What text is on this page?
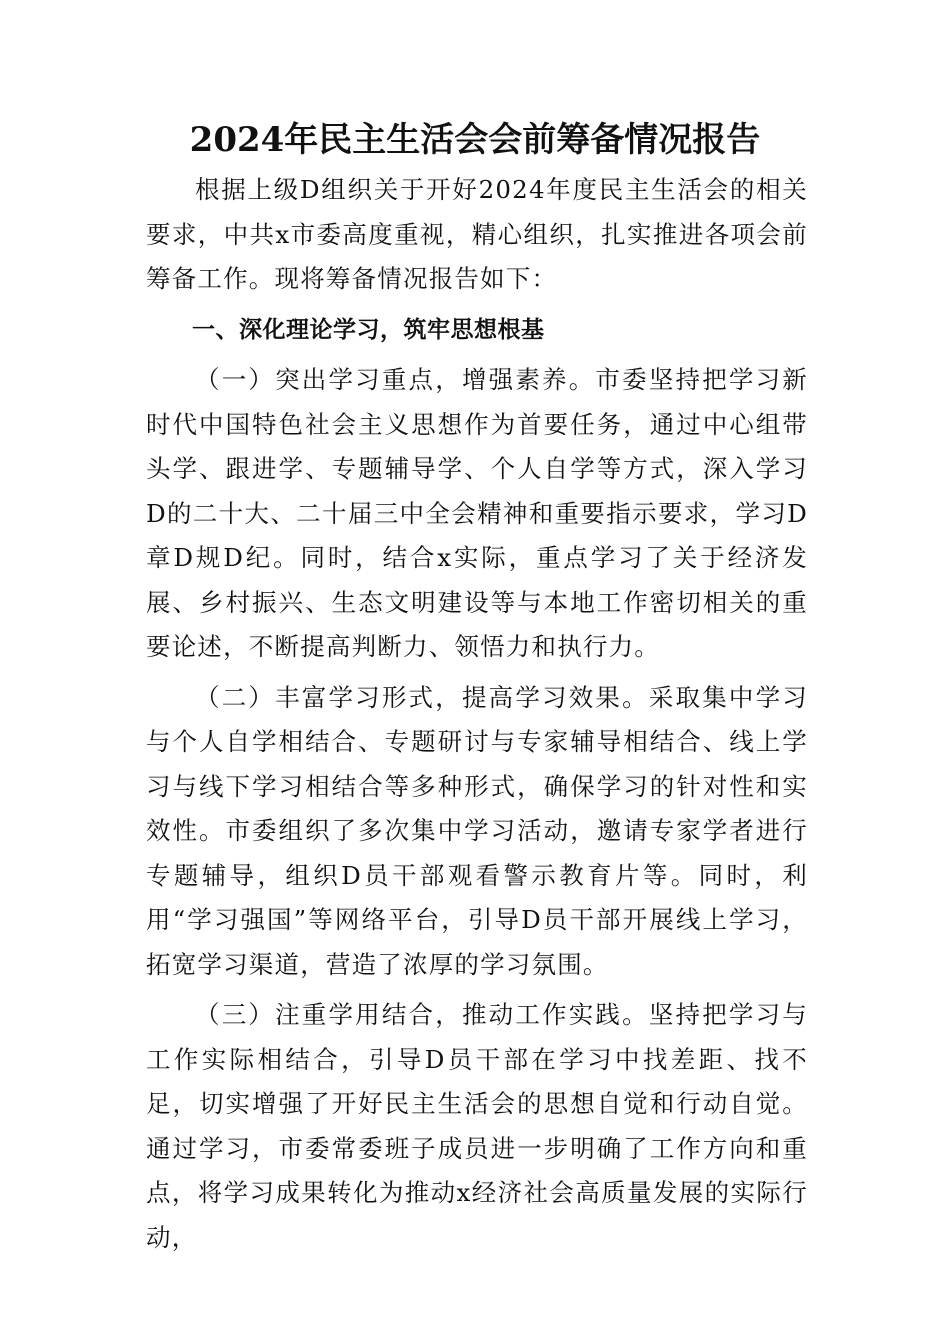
2024年民主生活会会前筹备情况报告

根据上级D组织关于开好2024年度民主生活会的相关要求，中共x市委高度重视，精心组织，扎实推进各项会前筹备工作。现将筹备情况报告如下：

一、深化理论学习，筑牢思想根基

（一）突出学习重点，增强素养。市委坚持把学习新时代中国特色社会主义思想作为首要任务，通过中心组带头学、跟进学、专题辅导学、个人自学等方式，深入学习D的二十大、二十届三中全会精神和重要指示要求，学习D章D规D纪。同时，结合x实际，重点学习了关于经济发展、乡村振兴、生态文明建设等与本地工作密切相关的重要论述，不断提高判断力、领悟力和执行力。

（二）丰富学习形式，提高学习效果。采取集中学习与个人自学相结合、专题研讨与专家辅导相结合、线上学习与线下学习相结合等多种形式，确保学习的针对性和实效性。市委组织了多次集中学习活动，邀请专家学者进行专题辅导，组织D员干部观看警示教育片等。同时，利用“学习强国”等网络平台，引导D员干部开展线上学习，拓宽学习渠道，营造了浓厚的学习氛围。

（三）注重学用结合，推动工作实践。坚持把学习与工作实际相结合，引导D员干部在学习中找差距、找不足，切实增强了开好民主生活会的思想自觉和行动自觉。通过学习，市委常委班子成员进一步明确了工作方向和重点，将学习成果转化为推动x经济社会高质量发展的实际行动，
